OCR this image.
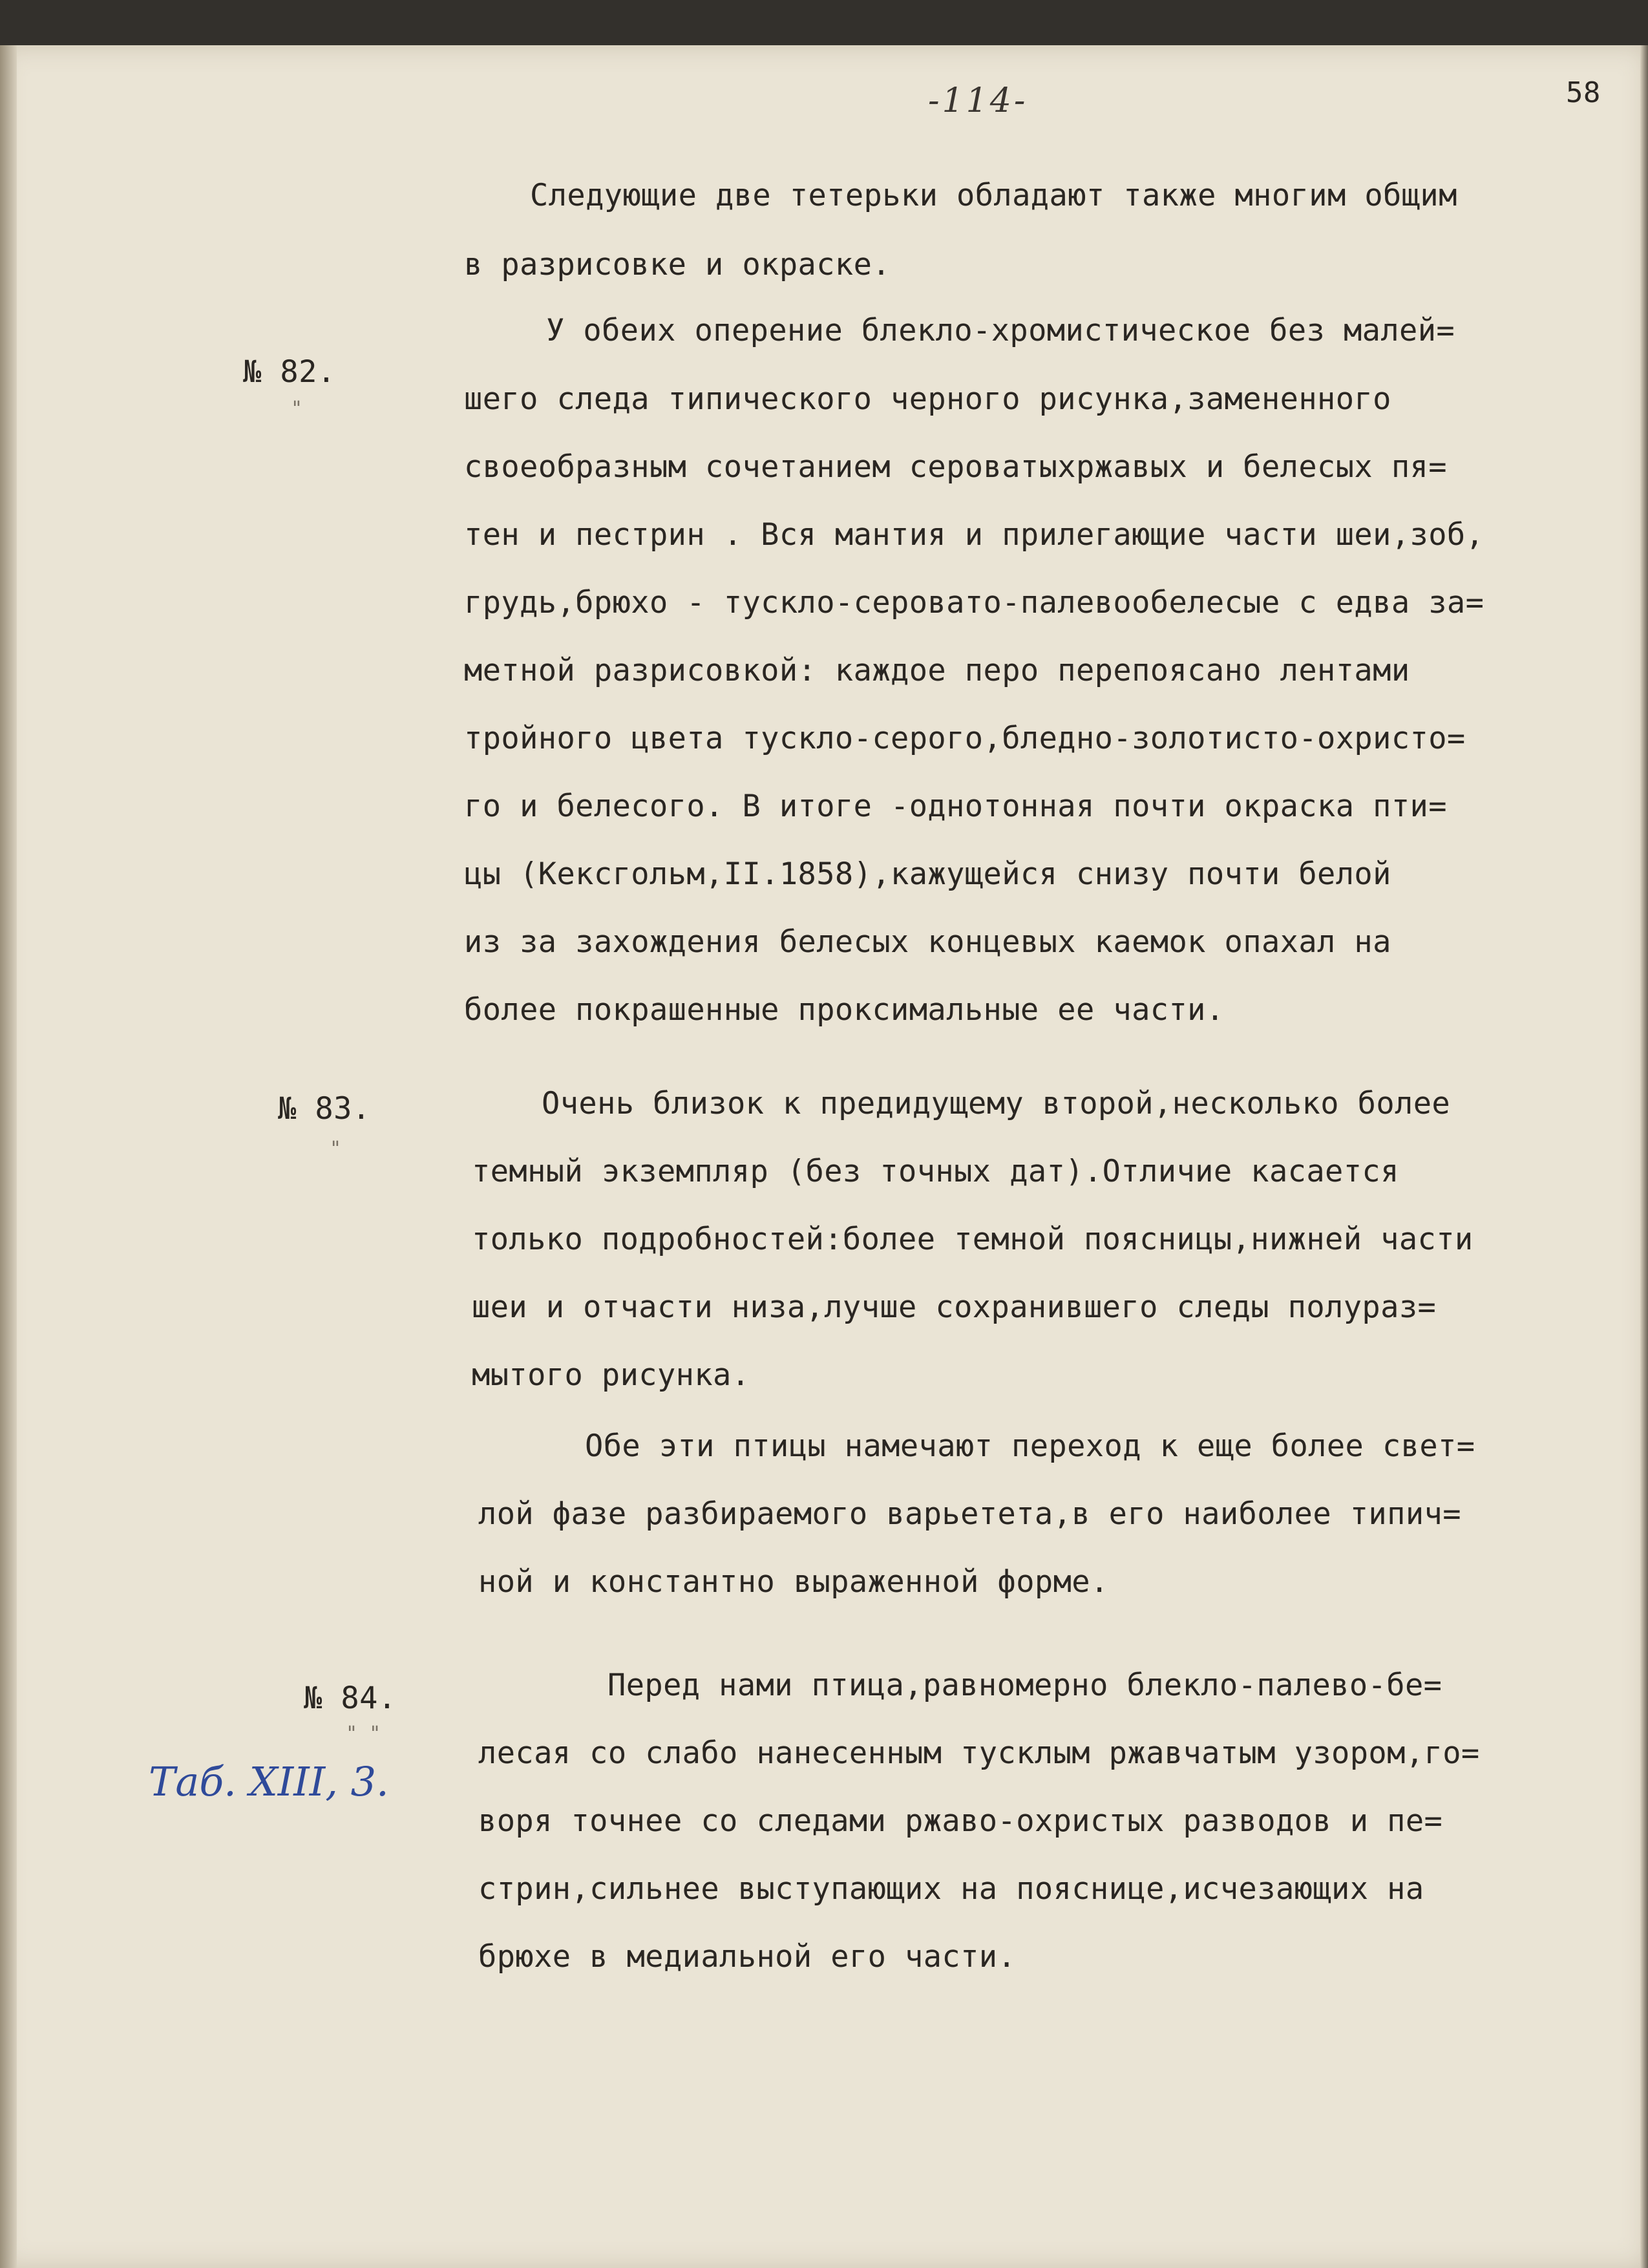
-114-	58

Следующие две тетерьки обладают также многим общим

в разрисовке и окраске.

№ 82.

"

У обеих оперение блекло-хромистическое без малей=

шего следа типического черного рисунка,замененного

своеобразным сочетанием сероватыхржавых и белесых пя=

тен и пестрин . Вся мантия и прилегающие части шеи,зоб,

грудь,брюхо - тускло-серовато-палевообелесые с едва за=

метной разрисовкой: каждое перо перепоясано лентами

тройного цвета тускло-серого,бледно-золотисто-охристо=

го и белесого. В итоге -однотонная почти окраска пти=

цы (Кексгольм,II.1858),кажущейся снизу почти белой

из за захождения белесых концевых каемок опахал на

более покрашенные проксимальные ее части.

№ 83.

"

Очень близок к предидущему второй,несколько более

темный экземпляр (без точных дат).Отличие касается

только подробностей:более темной поясницы,нижней части

шеи и отчасти низа,лучше сохранившего следы полураз=

мытого рисунка.

Обе эти птицы намечают переход к еще более свет=

лой фазе разбираемого варьетета,в его наиболее типич=

ной и константно выраженной форме.

№ 84.

" "
Таб. XIII, 3.

Перед нами птица,равномерно блекло-палево-бе=

лесая со слабо нанесенным тусклым ржавчатым узором,го=

воря точнее со следами ржаво-охристых разводов и пе=

стрин,сильнее выступающих на пояснице,исчезающих на

брюхе в медиальной его части.
